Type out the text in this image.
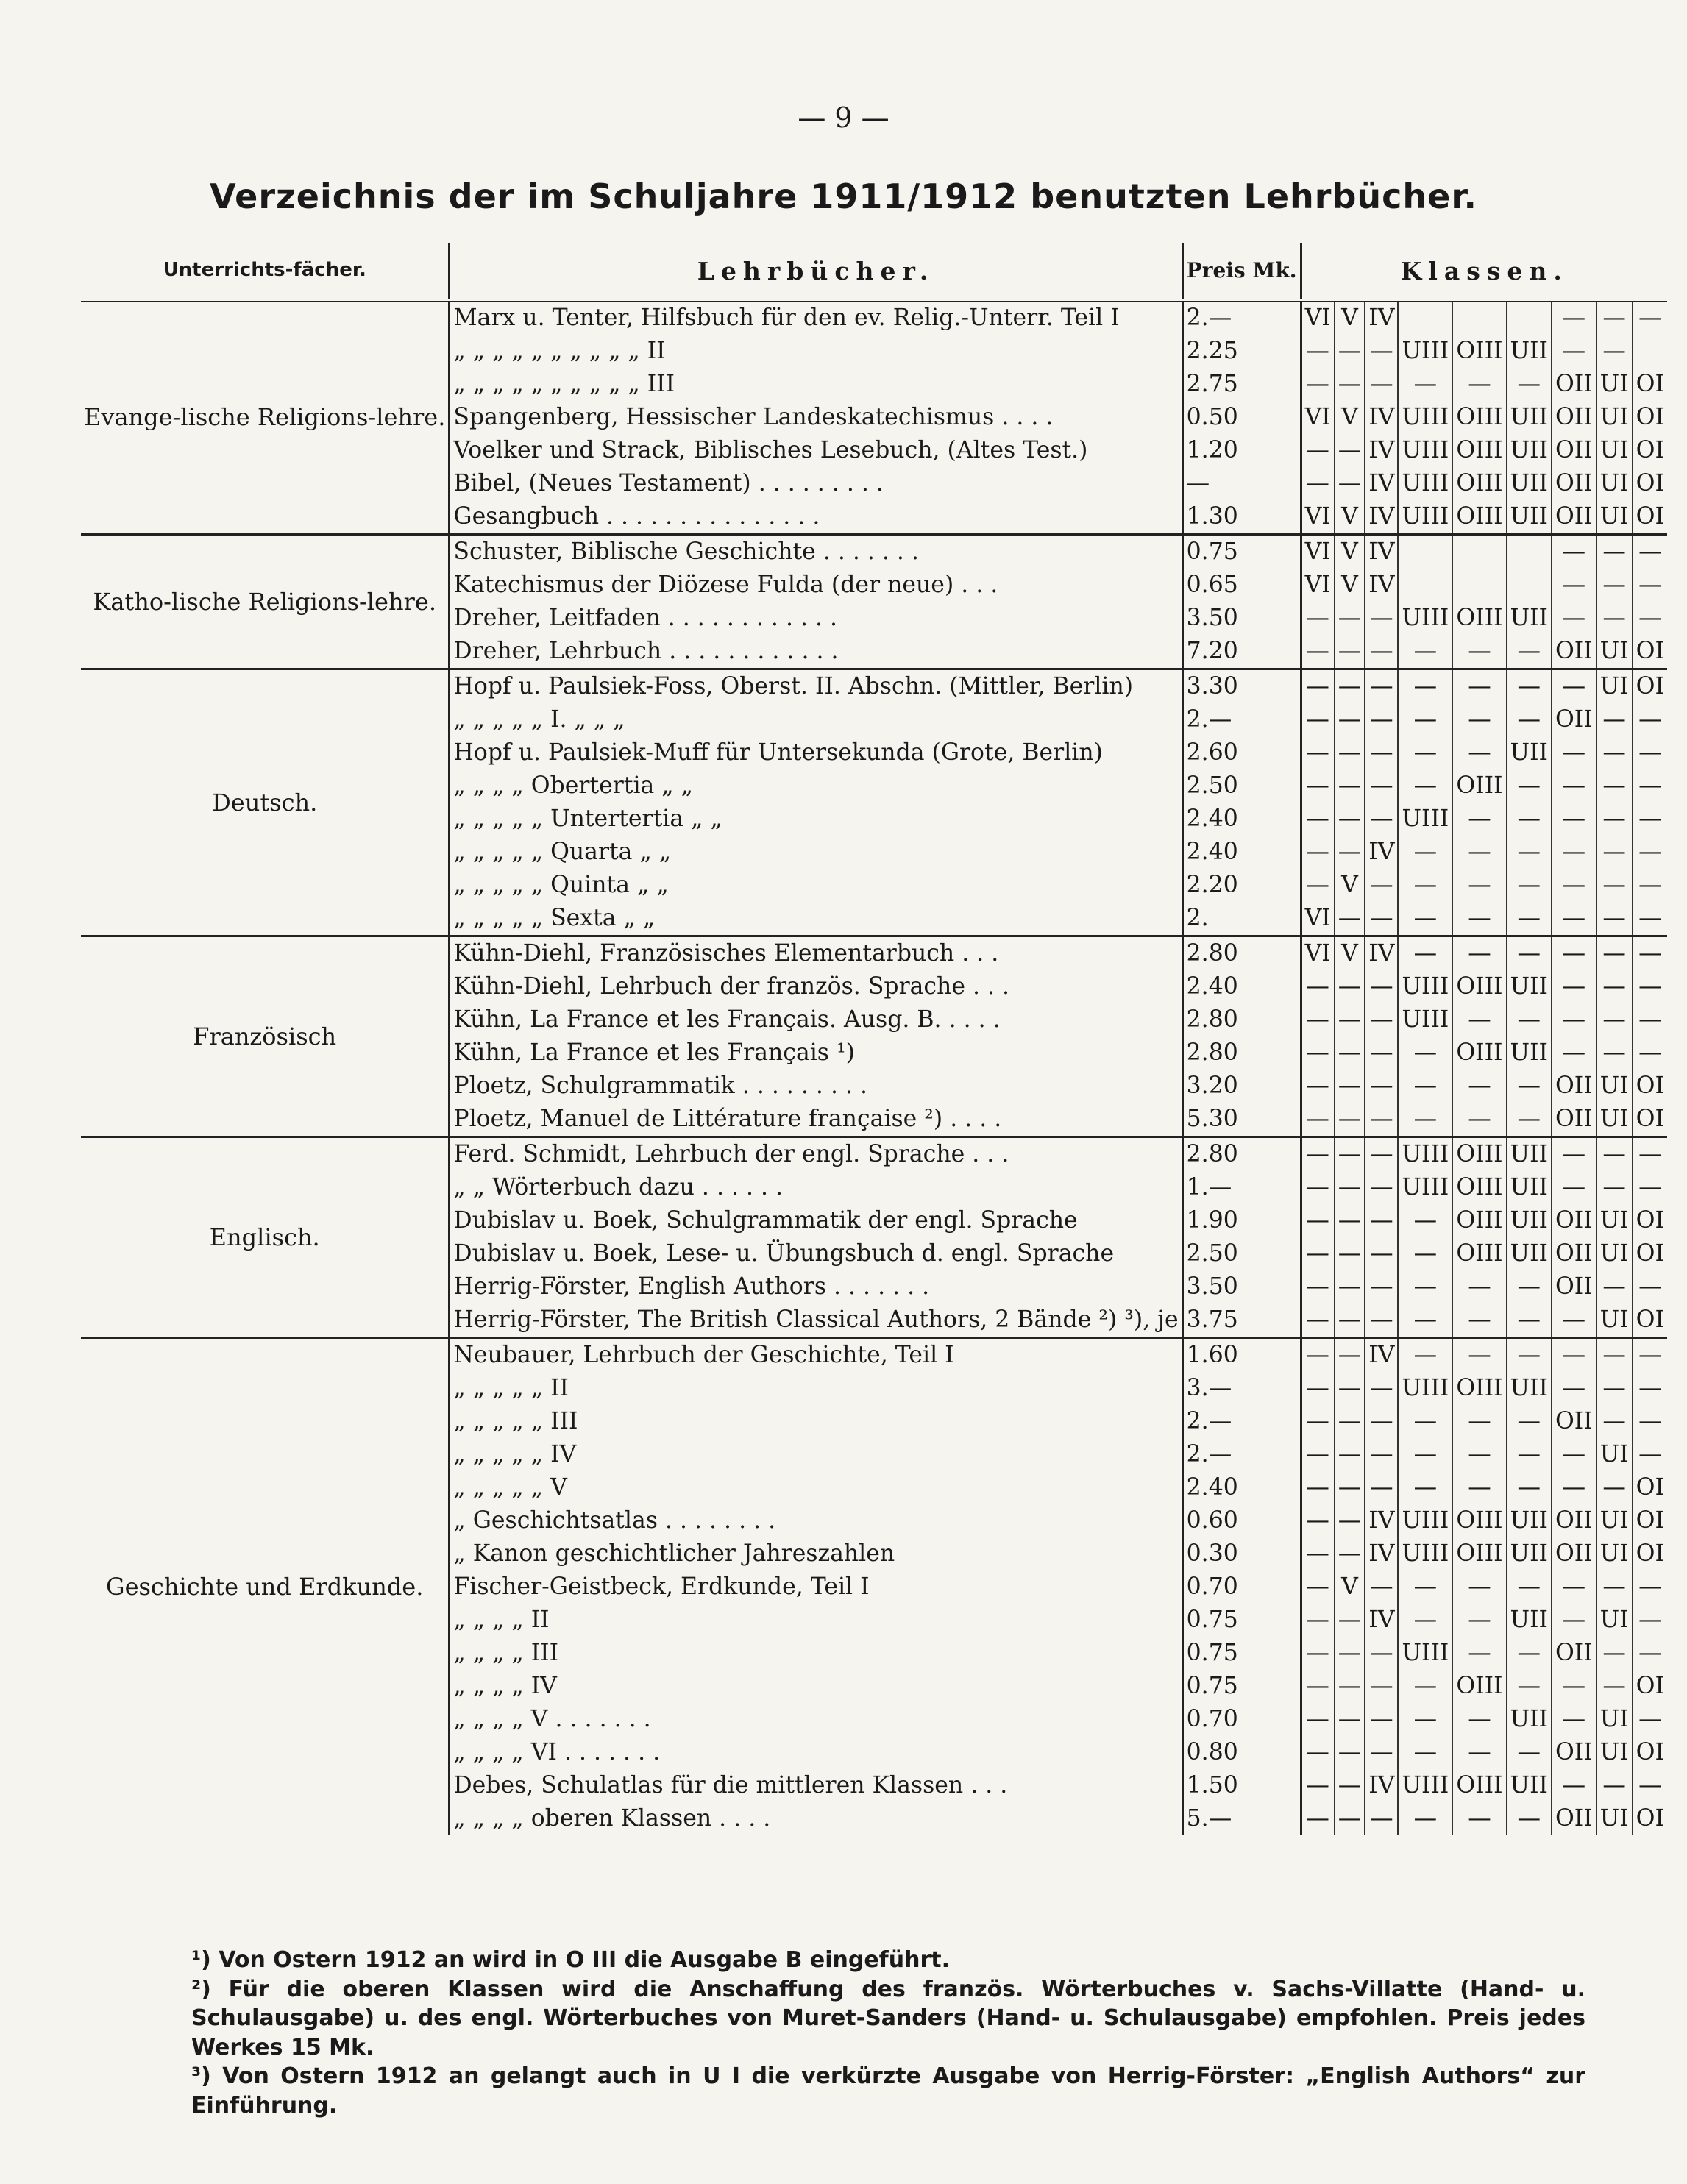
— 9 —
Verzeichnis der im Schuljahre 1911/1912 benutzten Lehrbücher.
Unterrichts-fächer.	Lehrbücher.	Preis Mk.	Klassen.								
Evange-lische Religions-lehre.	Marx u. Tenter, Hilfsbuch für den ev. Relig.-Unterr. Teil I	2.—	VI	V	IV				—	—	—
	„ „ „ „ „ „ „ „ „ „ II	2.25	—	—	—	UIII	OIII	UII	—	—	
	„ „ „ „ „ „ „ „ „ „ III	2.75	—	—	—	—	—	—	OII	UI	OI
	Spangenberg, Hessischer Landeskatechismus . . . .	0.50	VI	V	IV	UIII	OIII	UII	OII	UI	OI
	Voelker und Strack, Biblisches Lesebuch, (Altes Test.)	1.20	—	—	IV	UIII	OIII	UII	OII	UI	OI
	Bibel, (Neues Testament) . . . . . . . . .	—	—	—	IV	UIII	OIII	UII	OII	UI	OI
	Gesangbuch . . . . . . . . . . . . . . .	1.30	VI	V	IV	UIII	OIII	UII	OII	UI	OI
Katho-lische Religions-lehre.	Schuster, Biblische Geschichte . . . . . . .	0.75	VI	V	IV				—	—	—
	Katechismus der Diözese Fulda (der neue) . . .	0.65	VI	V	IV				—	—	—
	Dreher, Leitfaden . . . . . . . . . . . .	3.50	—	—	—	UIII	OIII	UII	—	—	—
	Dreher, Lehrbuch . . . . . . . . . . . .	7.20	—	—	—	—	—	—	OII	UI	OI
Deutsch.	Hopf u. Paulsiek-Foss, Oberst. II. Abschn. (Mittler, Berlin)	3.30	—	—	—	—	—	—	—	UI	OI
	„ „ „ „ „ I. „ „ „	2.—	—	—	—	—	—	—	OII	—	—
	Hopf u. Paulsiek-Muff für Untersekunda (Grote, Berlin)	2.60	—	—	—	—	—	UII	—	—	—
	„ „ „ „ Obertertia „ „	2.50	—	—	—	—	OIII	—	—	—	—
	„ „ „ „ „ Untertertia „ „	2.40	—	—	—	UIII	—	—	—	—	—
	„ „ „ „ „ Quarta „ „	2.40	—	—	IV	—	—	—	—	—	—
	„ „ „ „ „ Quinta „ „	2.20	—	V	—	—	—	—	—	—	—
	„ „ „ „ „ Sexta „ „	2.	VI	—	—	—	—	—	—	—	—
Französisch	Kühn-Diehl, Französisches Elementarbuch . . .	2.80	VI	V	IV	—	—	—	—	—	—
	Kühn-Diehl, Lehrbuch der französ. Sprache . . .	2.40	—	—	—	UIII	OIII	UII	—	—	—
	Kühn, La France et les Français. Ausg. B. . . . .	2.80	—	—	—	UIII	—	—	—	—	—
	Kühn, La France et les Français ¹)	2.80	—	—	—	—	OIII	UII	—	—	—
	Ploetz, Schulgrammatik . . . . . . . . .	3.20	—	—	—	—	—	—	OII	UI	OI
	Ploetz, Manuel de Littérature française ²) . . . .	5.30	—	—	—	—	—	—	OII	UI	OI
Englisch.	Ferd. Schmidt, Lehrbuch der engl. Sprache . . .	2.80	—	—	—	UIII	OIII	UII	—	—	—
	„ „ Wörterbuch dazu . . . . . .	1.—	—	—	—	UIII	OIII	UII	—	—	—
	Dubislav u. Boek, Schulgrammatik der engl. Sprache	1.90	—	—	—	—	OIII	UII	OII	UI	OI
	Dubislav u. Boek, Lese- u. Übungsbuch d. engl. Sprache	2.50	—	—	—	—	OIII	UII	OII	UI	OI
	Herrig-Förster, English Authors . . . . . . .	3.50	—	—	—	—	—	—	OII	—	—
	Herrig-Förster, The British Classical Authors, 2 Bände ²) ³), je	3.75	—	—	—	—	—	—	—	UI	OI
Geschichte und Erdkunde.	Neubauer, Lehrbuch der Geschichte, Teil I	1.60	—	—	IV	—	—	—	—	—	—
	„ „ „ „ „ II	3.—	—	—	—	UIII	OIII	UII	—	—	—
	„ „ „ „ „ III	2.—	—	—	—	—	—	—	OII	—	—
	„ „ „ „ „ IV	2.—	—	—	—	—	—	—	—	UI	—
	„ „ „ „ „ V	2.40	—	—	—	—	—	—	—	—	OI
	„ Geschichtsatlas . . . . . . . .	0.60	—	—	IV	UIII	OIII	UII	OII	UI	OI
	„ Kanon geschichtlicher Jahreszahlen	0.30	—	—	IV	UIII	OIII	UII	OII	UI	OI
	Fischer-Geistbeck, Erdkunde, Teil I	0.70	—	V	—	—	—	—	—	—	—
	„ „ „ „ II	0.75	—	—	IV	—	—	UII	—	UI	—
	„ „ „ „ III	0.75	—	—	—	UIII	—	—	OII	—	—
	„ „ „ „ IV	0.75	—	—	—	—	OIII	—	—	—	OI
	„ „ „ „ V . . . . . . .	0.70	—	—	—	—	—	UII	—	UI	—
	„ „ „ „ VI . . . . . . .	0.80	—	—	—	—	—	—	OII	UI	OI
	Debes, Schulatlas für die mittleren Klassen . . .	1.50	—	—	IV	UIII	OIII	UII	—	—	—
	„ „ „ „ oberen Klassen . . . .	5.—	—	—	—	—	—	—	OII	UI	OI

¹) Von Ostern 1912 an wird in O III die Ausgabe B eingeführt.

²) Für die oberen Klassen wird die Anschaffung des französ. Wörterbuches v. Sachs-Villatte (Hand- u. Schulausgabe) u. des engl. Wörterbuches von Muret-Sanders (Hand- u. Schulausgabe) empfohlen. Preis jedes Werkes 15 Mk.

³) Von Ostern 1912 an gelangt auch in U I die verkürzte Ausgabe von Herrig-Förster: „English Authors“ zur Einführung.
